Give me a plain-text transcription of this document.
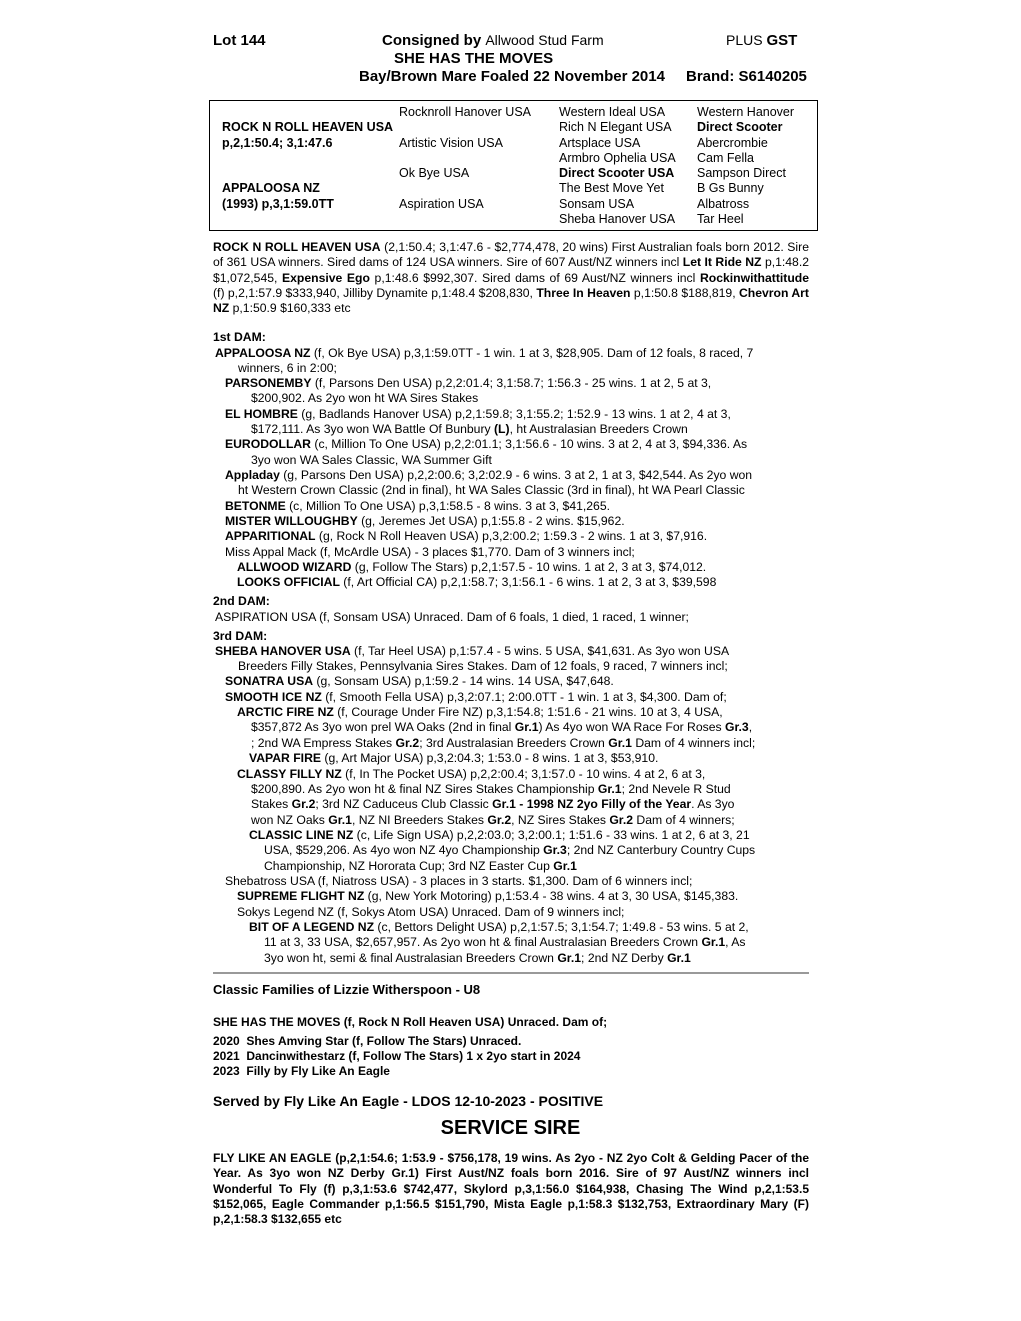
Lot 144	Consigned by Allwood Stud Farm	PLUS GST
SHE HAS THE MOVES
Bay/Brown Mare Foaled 22 November 2014 Brand: S6140205
ROCK N ROLL HEAVEN USA
p,2,1:50.4; 3,1:47.6
APPALOOSA NZ
(1993) p,3,1:59.0TT
Rocknroll Hanover USA
Artistic Vision USA
Ok Bye USA
Aspiration USA
Western Ideal USA
Rich N Elegant USA
Artsplace USA
Armbro Ophelia USA
Direct Scooter USA
The Best Move Yet
Sonsam USA
Sheba Hanover USA
Western Hanover
Direct Scooter
Abercrombie
Cam Fella
Sampson Direct
B Gs Bunny
Albatross
Tar Heel
ROCK N ROLL HEAVEN USA (2,1:50.4; 3,1:47.6 - $2,774,478, 20 wins) First Australian foals born 2012. Sire of 361 USA winners. Sired dams of 124 USA winners. Sire of 607 Aust/NZ winners incl Let It Ride NZ p,1:48.2 $1,072,545, Expensive Ego p,1:48.6 $992,307. Sired dams of 69 Aust/NZ winners incl Rockinwithattitude (f) p,2,1:57.9 $333,940, Jilliby Dynamite p,1:48.4 $208,830, Three In Heaven p,1:50.8 $188,819, Chevron Art NZ p,1:50.9 $160,333 etc
1st DAM:
APPALOOSA NZ (f, Ok Bye USA) p,3,1:59.0TT - 1 win. 1 at 3, $28,905. Dam of 12 foals, 8 raced, 7
winners, 6 in 2:00;
PARSONEMBY (f, Parsons Den USA) p,2,2:01.4; 3,1:58.7; 1:56.3 - 25 wins. 1 at 2, 5 at 3,
$200,902. As 2yo won ht WA Sires Stakes
EL HOMBRE (g, Badlands Hanover USA) p,2,1:59.8; 3,1:55.2; 1:52.9 - 13 wins. 1 at 2, 4 at 3,
$172,111. As 3yo won WA Battle Of Bunbury (L), ht Australasian Breeders Crown
EURODOLLAR (c, Million To One USA) p,2,2:01.1; 3,1:56.6 - 10 wins. 3 at 2, 4 at 3, $94,336. As
3yo won WA Sales Classic, WA Summer Gift
Appladay (g, Parsons Den USA) p,2,2:00.6; 3,2:02.9 - 6 wins. 3 at 2, 1 at 3, $42,544. As 2yo won
ht Western Crown Classic (2nd in final), ht WA Sales Classic (3rd in final), ht WA Pearl Classic
BETONME (c, Million To One USA) p,3,1:58.5 - 8 wins. 3 at 3, $41,265.
MISTER WILLOUGHBY (g, Jeremes Jet USA) p,1:55.8 - 2 wins. $15,962.
APPARITIONAL (g, Rock N Roll Heaven USA) p,3,2:00.2; 1:59.3 - 2 wins. 1 at 3, $7,916.
Miss Appal Mack (f, McArdle USA) - 3 places $1,770. Dam of 3 winners incl;
ALLWOOD WIZARD (g, Follow The Stars) p,2,1:57.5 - 10 wins. 1 at 2, 3 at 3, $74,012.
LOOKS OFFICIAL (f, Art Official CA) p,2,1:58.7; 3,1:56.1 - 6 wins. 1 at 2, 3 at 3, $39,598
2nd DAM:
ASPIRATION USA (f, Sonsam USA) Unraced. Dam of 6 foals, 1 died, 1 raced, 1 winner;
3rd DAM:
SHEBA HANOVER USA (f, Tar Heel USA) p,1:57.4 - 5 wins. 5 USA, $41,631. As 3yo won USA
Breeders Filly Stakes, Pennsylvania Sires Stakes. Dam of 12 foals, 9 raced, 7 winners incl;
SONATRA USA (g, Sonsam USA) p,1:59.2 - 14 wins. 14 USA, $47,648.
SMOOTH ICE NZ (f, Smooth Fella USA) p,3,2:07.1; 2:00.0TT - 1 win. 1 at 3, $4,300. Dam of;
ARCTIC FIRE NZ (f, Courage Under Fire NZ) p,3,1:54.8; 1:51.6 - 21 wins. 10 at 3, 4 USA,
$357,872 As 3yo won prel WA Oaks (2nd in final Gr.1) As 4yo won WA Race For Roses Gr.3,
; 2nd WA Empress Stakes Gr.2; 3rd Australasian Breeders Crown Gr.1 Dam of 4 winners incl;
VAPAR FIRE (g, Art Major USA) p,3,2:04.3; 1:53.0 - 8 wins. 1 at 3, $53,910.
CLASSY FILLY NZ (f, In The Pocket USA) p,2,2:00.4; 3,1:57.0 - 10 wins. 4 at 2, 6 at 3,
$200,890. As 2yo won ht & final NZ Sires Stakes Championship Gr.1; 2nd Nevele R Stud
Stakes Gr.2; 3rd NZ Caduceus Club Classic Gr.1 - 1998 NZ 2yo Filly of the Year. As 3yo
won NZ Oaks Gr.1, NZ NI Breeders Stakes Gr.2, NZ Sires Stakes Gr.2 Dam of 4 winners;
CLASSIC LINE NZ (c, Life Sign USA) p,2,2:03.0; 3,2:00.1; 1:51.6 - 33 wins. 1 at 2, 6 at 3, 21
USA, $529,206. As 4yo won NZ 4yo Championship Gr.3; 2nd NZ Canterbury Country Cups
Championship, NZ Hororata Cup; 3rd NZ Easter Cup Gr.1
Shebatross USA (f, Niatross USA) - 3 places in 3 starts. $1,300. Dam of 6 winners incl;
SUPREME FLIGHT NZ (g, New York Motoring) p,1:53.4 - 38 wins. 4 at 3, 30 USA, $145,383.
Sokys Legend NZ (f, Sokys Atom USA) Unraced. Dam of 9 winners incl;
BIT OF A LEGEND NZ (c, Bettors Delight USA) p,2,1:57.5; 3,1:54.7; 1:49.8 - 53 wins. 5 at 2,
11 at 3, 33 USA, $2,657,957. As 2yo won ht & final Australasian Breeders Crown Gr.1, As
3yo won ht, semi & final Australasian Breeders Crown Gr.1; 2nd NZ Derby Gr.1
Classic Families of Lizzie Witherspoon - U8
SHE HAS THE MOVES (f, Rock N Roll Heaven USA) Unraced. Dam of;
2020 Shes Amving Star (f, Follow The Stars) Unraced.
2021 Dancinwithestarz (f, Follow The Stars) 1 x 2yo start in 2024
2023 Filly by Fly Like An Eagle
Served by Fly Like An Eagle - LDOS 12-10-2023 - POSITIVE
SERVICE SIRE
FLY LIKE AN EAGLE (p,2,1:54.6; 1:53.9 - $756,178, 19 wins. As 2yo - NZ 2yo Colt & Gelding Pacer of the Year. As 3yo won NZ Derby Gr.1) First Aust/NZ foals born 2016. Sire of 97 Aust/NZ winners incl Wonderful To Fly (f) p,3,1:53.6 $742,477, Skylord p,3,1:56.0 $164,938, Chasing The Wind p,2,1:53.5 $152,065, Eagle Commander p,1:56.5 $151,790, Mista Eagle p,1:58.3 $132,753, Extraordinary Mary (F) p,2,1:58.3 $132,655 etc
